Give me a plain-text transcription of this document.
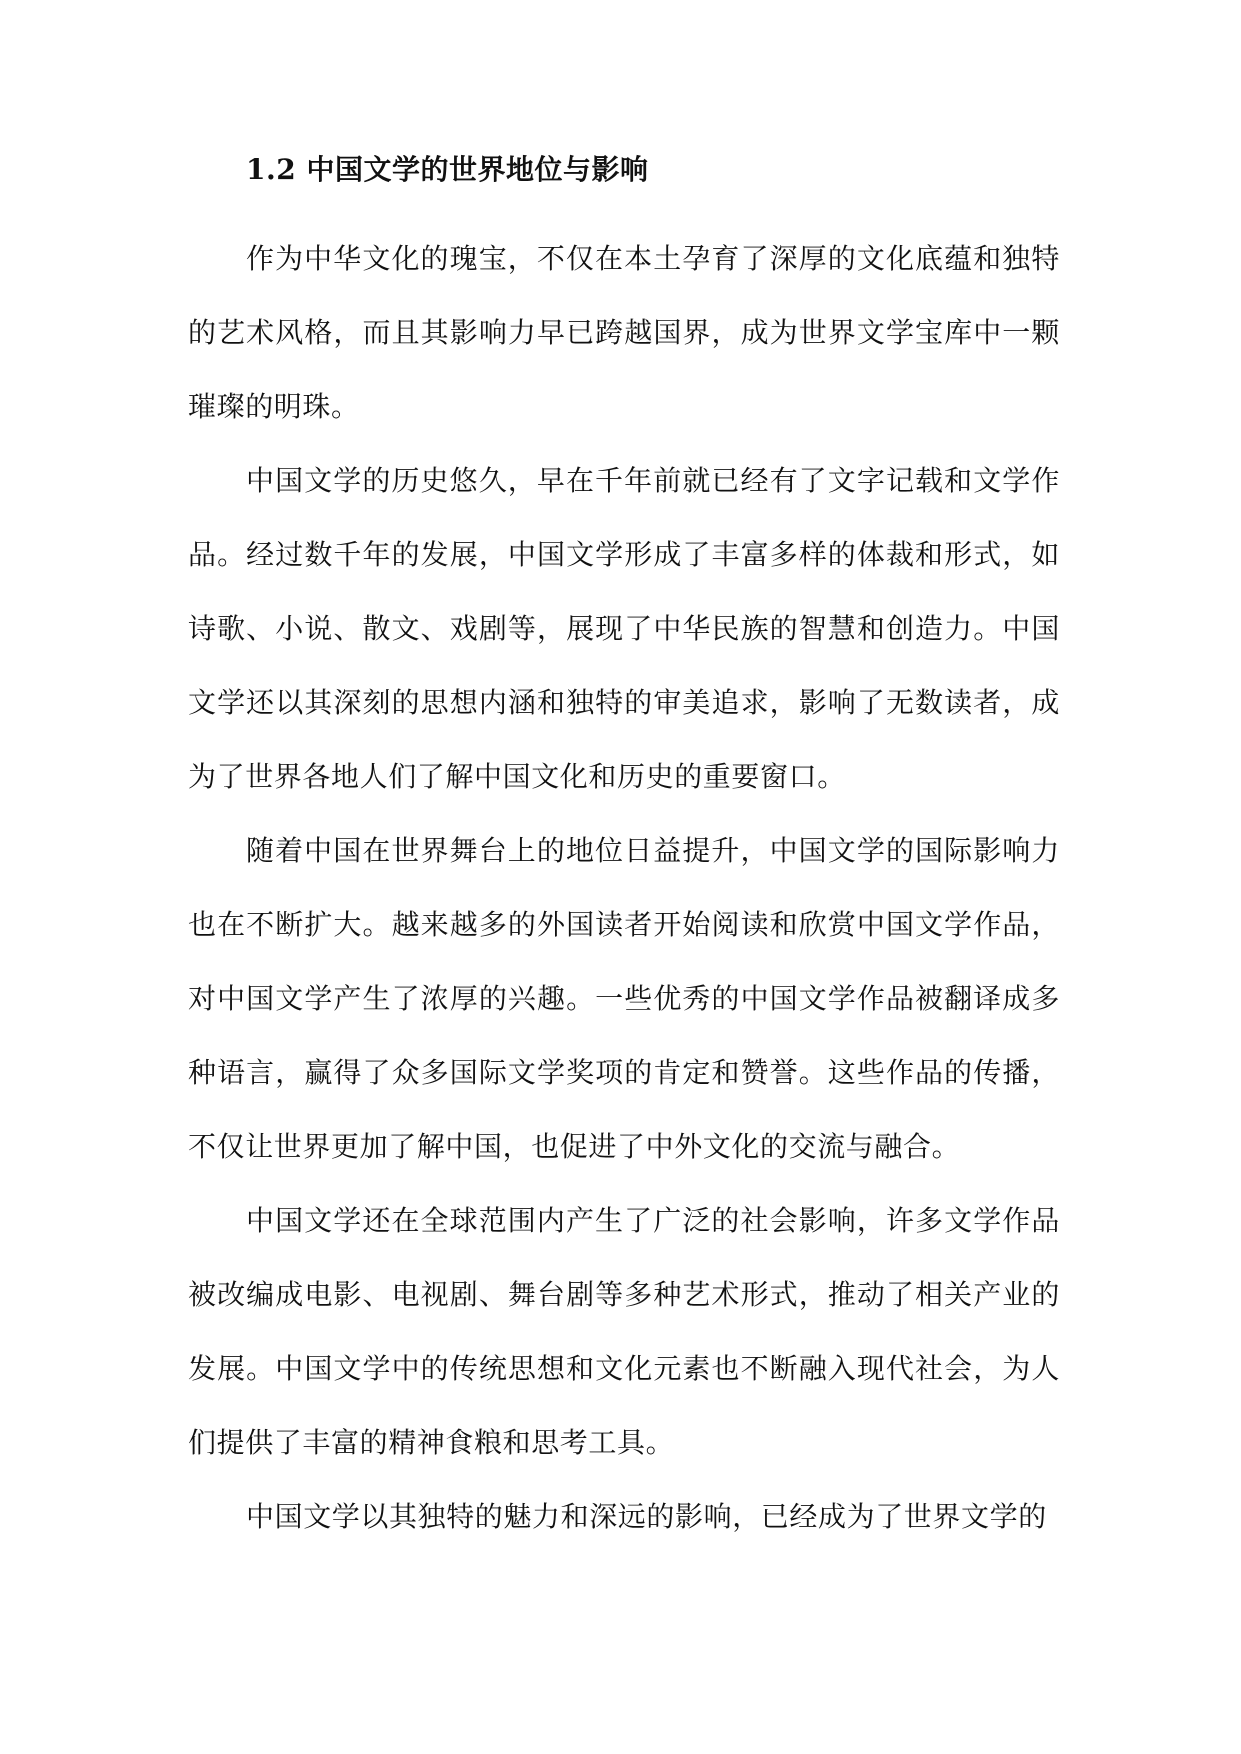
1.2 中国文学的世界地位与影响

作为中华文化的瑰宝，不仅在本土孕育了深厚的文化底蕴和独特的艺术风格，而且其影响力早已跨越国界，成为世界文学宝库中一颗璀璨的明珠。

中国文学的历史悠久，早在千年前就已经有了文字记载和文学作品。经过数千年的发展，中国文学形成了丰富多样的体裁和形式，如诗歌、小说、散文、戏剧等，展现了中华民族的智慧和创造力。中国文学还以其深刻的思想内涵和独特的审美追求，影响了无数读者，成为了世界各地人们了解中国文化和历史的重要窗口。

随着中国在世界舞台上的地位日益提升，中国文学的国际影响力也在不断扩大。越来越多的外国读者开始阅读和欣赏中国文学作品，对中国文学产生了浓厚的兴趣。一些优秀的中国文学作品被翻译成多种语言，赢得了众多国际文学奖项的肯定和赞誉。这些作品的传播，不仅让世界更加了解中国，也促进了中外文化的交流与融合。

中国文学还在全球范围内产生了广泛的社会影响，许多文学作品被改编成电影、电视剧、舞台剧等多种艺术形式，推动了相关产业的发展。中国文学中的传统思想和文化元素也不断融入现代社会，为人们提供了丰富的精神食粮和思考工具。

中国文学以其独特的魅力和深远的影响，已经成为了世界文学的
